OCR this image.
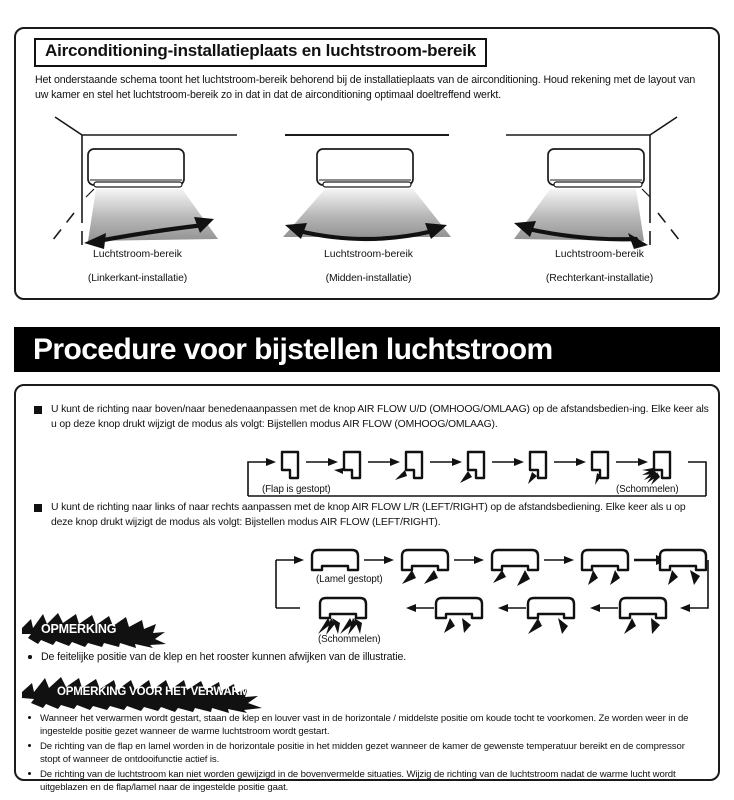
Airconditioning-installatieplaats en luchtstroom-bereik
Het onderstaande schema toont het luchtstroom-bereik behorend bij de installatieplaats van de airconditioning. Houd rekening met de layout van uw kamer en stel het luchtstroom-bereik zo in dat in dat de airconditioning optimaal doeltreffend werkt.
Luchtstroom-bereik
(Linkerkant-installatie)
Luchtstroom-bereik
(Midden-installatie)
Luchtstroom-bereik
(Rechterkant-installatie)
Procedure voor bijstellen luchtstroom
U kunt de richting naar boven/naar benedenaanpassen met de knop AIR FLOW U/D (OMHOOG/OMLAAG) op de afstandsbedien-ing. Elke keer als u op deze knop drukt wijzigt de modus als volgt: Bijstellen modus AIR FLOW (OMHOOG/OMLAAG).
(Flap is gestopt)	(Schommelen)
U kunt de richting naar links of naar rechts aanpassen met de knop AIR FLOW L/R (LEFT/RIGHT) op de afstandsbediening. Elke keer als u op deze knop drukt wijzigt de modus als volgt: Bijstellen modus AIR FLOW (LEFT/RIGHT).
(Lamel gestopt)
(Schommelen)
OPMERKING
De feitelijke positie van de klep en het rooster kunnen afwijken van de illustratie.
OPMERKING VOOR HET VERWARMEN
Wanneer het verwarmen wordt gestart, staan de klep en louver vast in de horizontale / middelste positie om koude tocht te voorkomen. Ze worden weer in de ingestelde positie gezet wanneer de warme luchtstroom wordt gestart.
De richting van de flap en lamel worden in de horizontale positie in het midden gezet wanneer de kamer de gewenste temperatuur bereikt en de compressor stopt of wanneer de ontdooifunctie actief is.
De richting van de luchtstroom kan niet worden gewijzigd in de bovenvermelde situaties. Wijzig de richting van de luchtstroom nadat de warme lucht wordt uitgeblazen en de flap/lamel naar de ingestelde positie gaat.
